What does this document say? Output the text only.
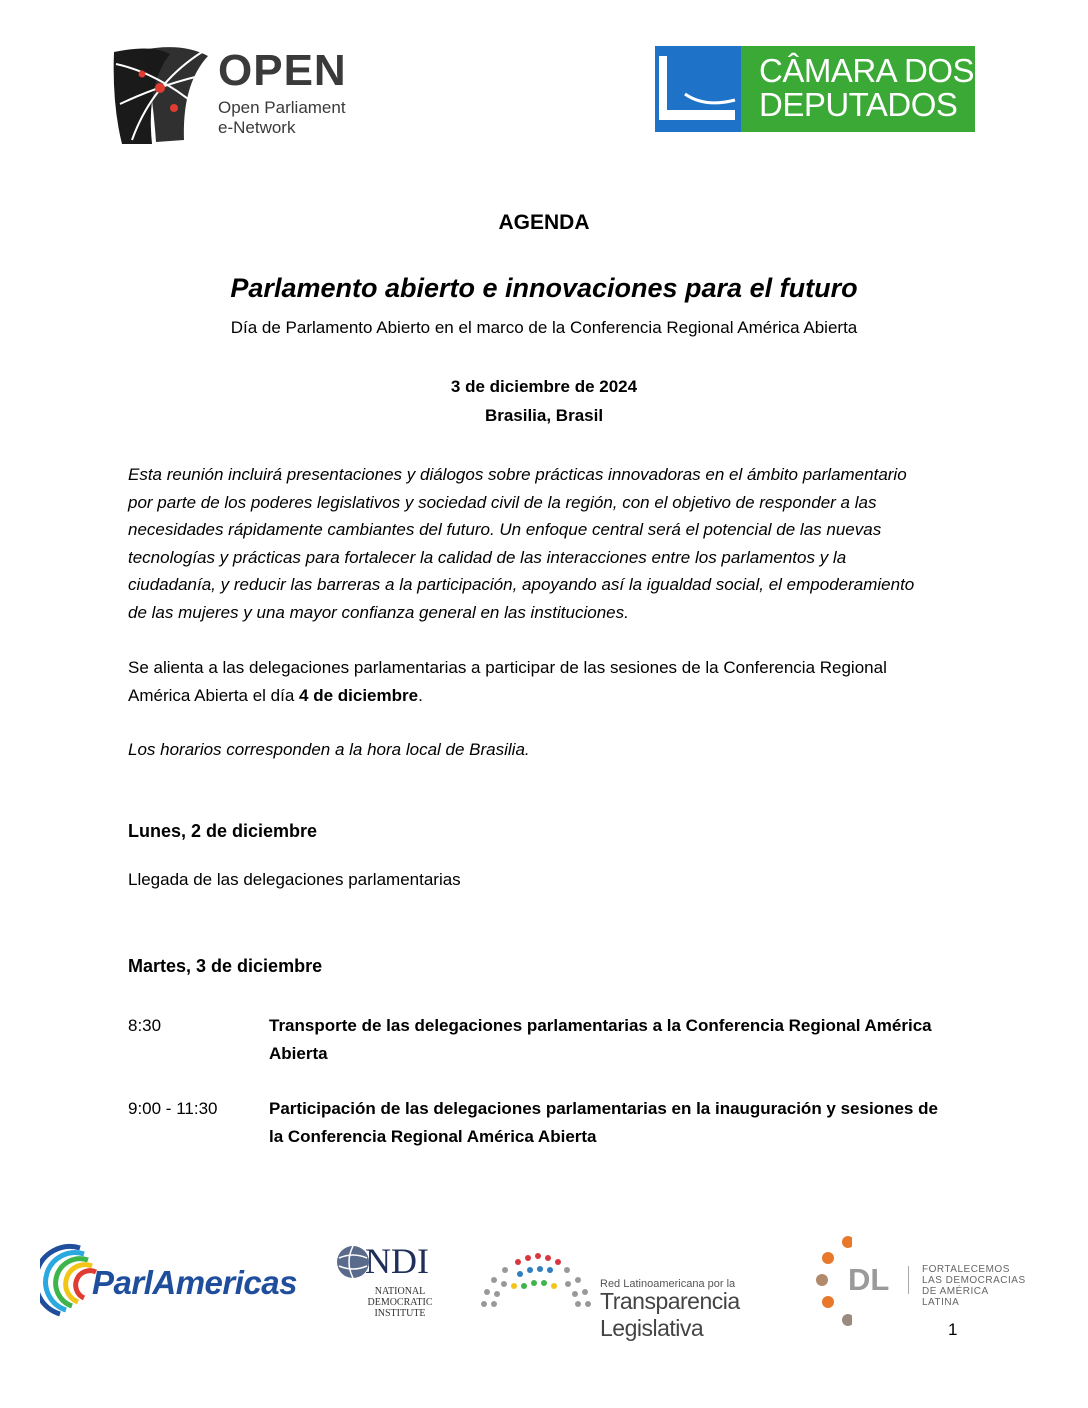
OPEN
Open Parliament
e-Network
CÂMARA DOS
DEPUTADOS
AGENDA
Parlamento abierto e innovaciones para el futuro
Día de Parlamento Abierto en el marco de la Conferencia Regional América Abierta
3 de diciembre de 2024
Brasilia, Brasil
Esta reunión incluirá presentaciones y diálogos sobre prácticas innovadoras en el ámbito parlamentario
por parte de los poderes legislativos y sociedad civil de la región, con el objetivo de responder a las
necesidades rápidamente cambiantes del futuro. Un enfoque central será el potencial de las nuevas
tecnologías y prácticas para fortalecer la calidad de las interacciones entre los parlamentos y la
ciudadanía, y reducir las barreras a la participación, apoyando así la igualdad social, el empoderamiento
de las mujeres y una mayor confianza general en las instituciones.
Se alienta a las delegaciones parlamentarias a participar de las sesiones de la Conferencia Regional
América Abierta el día 4 de diciembre.
Los horarios corresponden a la hora local de Brasilia.
Lunes, 2 de diciembre
Llegada de las delegaciones parlamentarias
Martes, 3 de diciembre
8:30	Transporte de las delegaciones parlamentarias a la Conferencia Regional América
Abierta
9:00 - 11:30	Participación de las delegaciones parlamentarias en la inauguración y sesiones de
la Conferencia Regional América Abierta
ParlAmericas
NDI
NATIONAL
DEMOCRATIC
INSTITUTE
Red Latinoamericana por la
Transparencia Legislativa
DL	FORTALECEMOS
LAS DEMOCRACIAS
DE AMÉRICA LATINA
1
